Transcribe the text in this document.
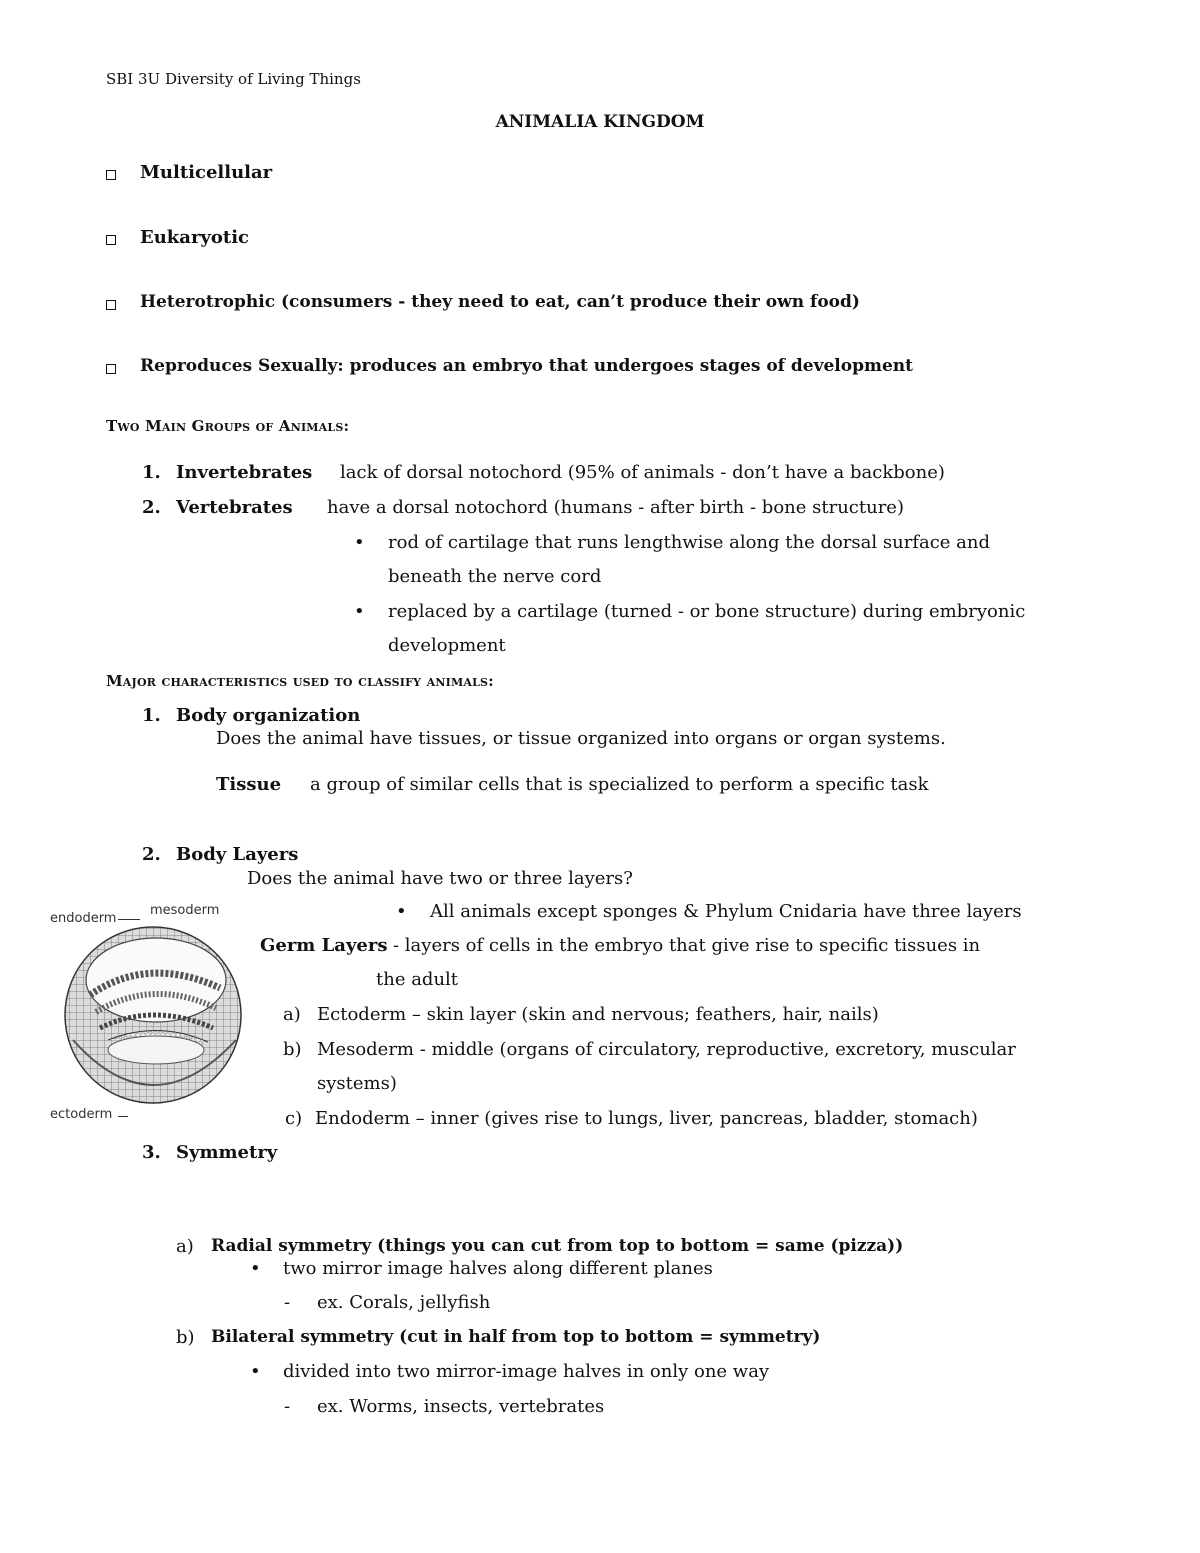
SBI 3U Diversity of Living Things
ANIMALIA KINGDOM
Multicellular
Eukaryotic
Heterotrophic (consumers - they need to eat, can’t produce their own food)
Reproduces Sexually: produces an embryo that undergoes stages of development
Two Main Groups of Animals:
1. Invertebrates lack of dorsal notochord (95% of animals - don’t have a backbone)
2. Vertebrates have a dorsal notochord (humans - after birth - bone structure)
• rod of cartilage that runs lengthwise along the dorsal surface and
beneath the nerve cord
• replaced by a cartilage (turned - or bone structure) during embryonic
development
Major characteristics used to classify animals:
1. Body organization
Does the animal have tissues, or tissue organized into organs or organ systems.
Tissue a group of similar cells that is specialized to perform a specific task
2. Body Layers
Does the animal have two or three layers?
endoderm
mesoderm
ectoderm
• All animals except sponges & Phylum Cnidaria have three layers
Germ Layers - layers of cells in the embryo that give rise to specific tissues in
the adult
a) Ectoderm – skin layer (skin and nervous; feathers, hair, nails)
b) Mesoderm - middle (organs of circulatory, reproductive, excretory, muscular
systems)
c) Endoderm – inner (gives rise to lungs, liver, pancreas, bladder, stomach)
3. Symmetry
a) Radial symmetry (things you can cut from top to bottom = same (pizza))
• two mirror image halves along different planes
- ex. Corals, jellyfish
b) Bilateral symmetry (cut in half from top to bottom = symmetry)
• divided into two mirror-image halves in only one way
- ex. Worms, insects, vertebrates
